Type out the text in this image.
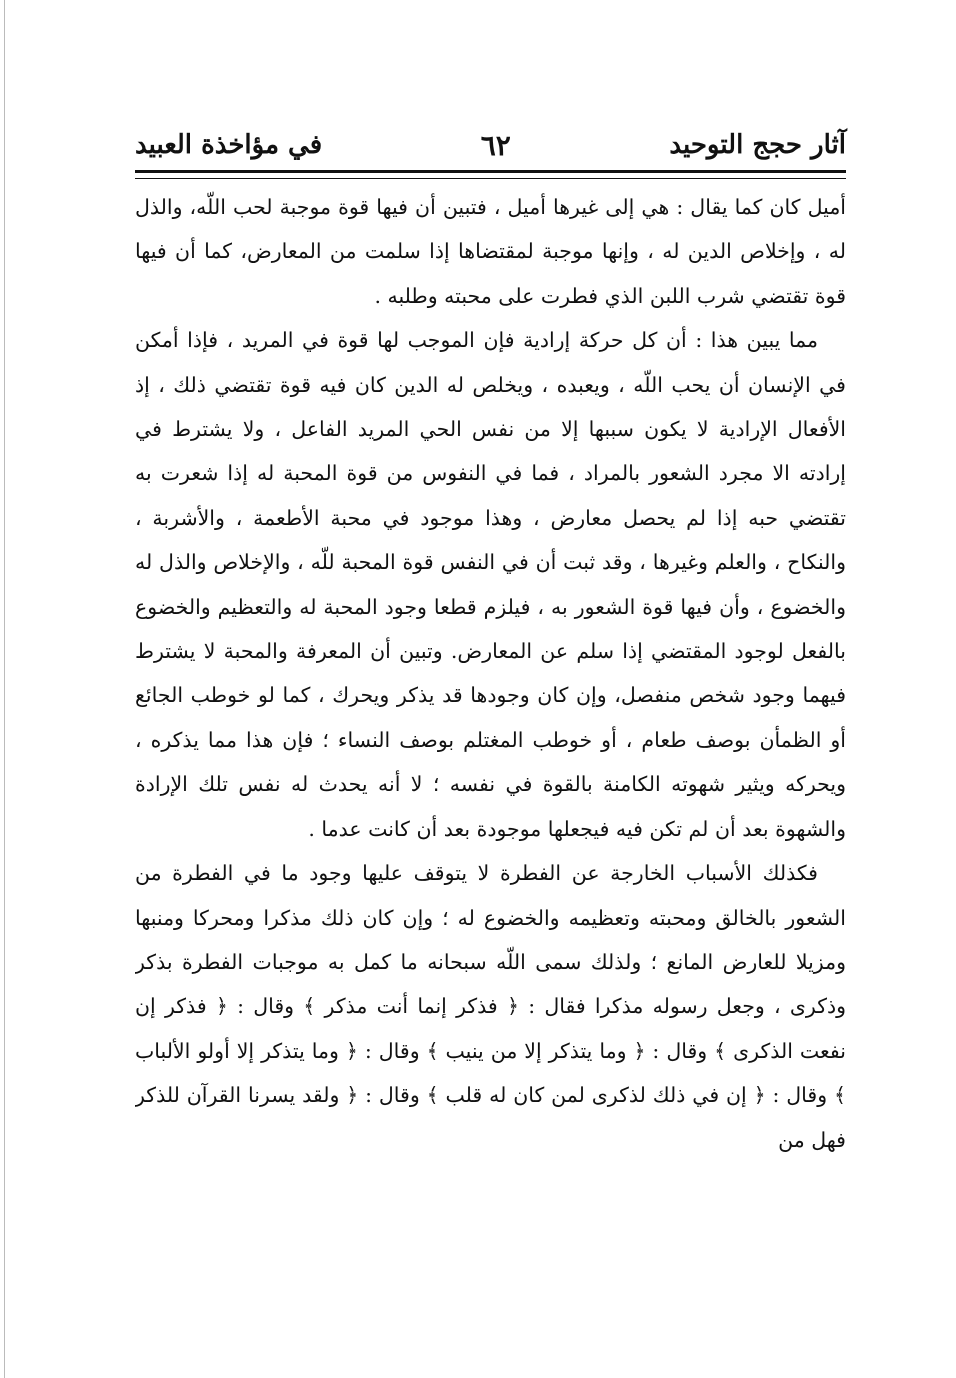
آثار حجج التوحيد
٦٢
في مؤاخذة العبيد

أميل كان كما يقال : هي إلى غيرها أميل ، فتبين أن فيها قوة موجبة لحب اللّه، والذل له ، وإخلاص الدين له ، وإنها موجبة لمقتضاها إذا سلمت من المعارض، كما أن فيها قوة تقتضي شرب اللبن الذي فطرت على محبته وطلبه .

مما يبين هذا : أن كل حركة إرادية فإن الموجب لها قوة في المريد ، فإذا أمكن في الإنسان أن يحب اللّه ، ويعبده ، ويخلص له الدين كان فيه قوة تقتضي ذلك ، إذ الأفعال الإرادية لا يكون سببها إلا من نفس الحي المريد الفاعل ، ولا يشترط في إرادته الا مجرد الشعور بالمراد ، فما في النفوس من قوة المحبة له إذا شعرت به تقتضي حبه إذا لم يحصل معارض ، وهذا موجود في محبة الأطعمة ، والأشربة ، والنكاح ، والعلم وغيرها ، وقد ثبت أن في النفس قوة المحبة للّه ، والإخلاص والذل له والخضوع ، وأن فيها قوة الشعور به ، فيلزم قطعا وجود المحبة له والتعظيم والخضوع بالفعل لوجود المقتضي إذا سلم عن المعارض. وتبين أن المعرفة والمحبة لا يشترط فيهما وجود شخص منفصل، وإن كان وجودها قد يذكر ويحرك ، كما لو خوطب الجائع أو الظمأن بوصف طعام ، أو خوطب المغتلم بوصف النساء ؛ فإن هذا مما يذكره ، ويحركه ويثير شهوته الكامنة بالقوة في نفسه ؛ لا أنه يحدث له نفس تلك الإرادة والشهوة بعد أن لم تكن فيه فيجعلها موجودة بعد أن كانت عدما .

فكذلك الأسباب الخارجة عن الفطرة لا يتوقف عليها وجود ما في الفطرة من الشعور بالخالق ومحبته وتعظيمه والخضوع له ؛ وإن كان ذلك مذكرا ومحركا ومنبها ومزيلا للعارض المانع ؛ ولذلك سمى اللّه سبحانه ما كمل به موجبات الفطرة بذكر وذكرى ، وجعل رسوله مذكرا فقال : ﴿ فذكر إنما أنت مذكر ﴾ وقال : ﴿ فذكر إن نفعت الذكرى ﴾ وقال : ﴿ وما يتذكر إلا من ينيب ﴾ وقال : ﴿ وما يتذكر إلا أولو الألباب ﴾ وقال : ﴿ إن في ذلك لذكرى لمن كان له قلب ﴾ وقال : ﴿ ولقد يسرنا القرآن للذكر فهل من
